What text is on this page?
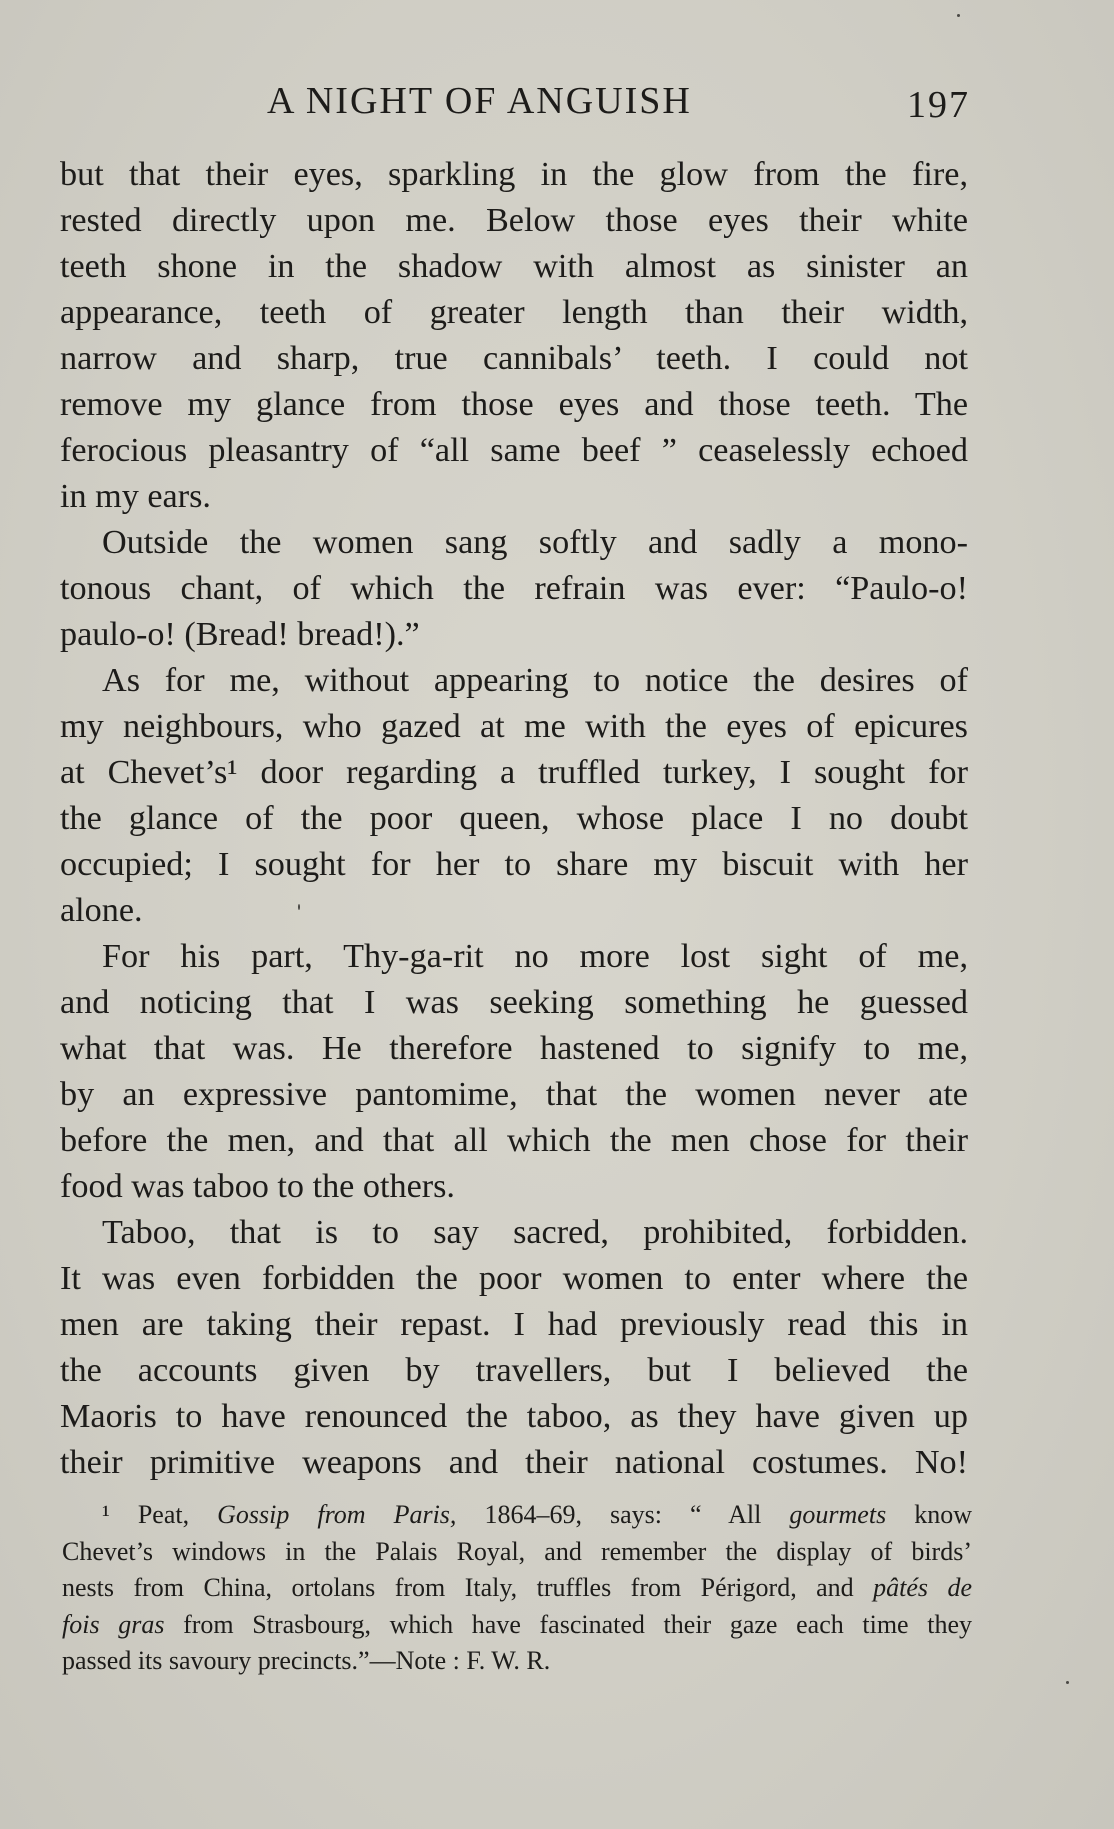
A NIGHT OF ANGUISH	197
but that their eyes, sparkling in the glow from the fire,
rested directly upon me. Below those eyes their white
teeth shone in the shadow with almost as sinister an
appearance, teeth of greater length than their width,
narrow and sharp, true cannibals’ teeth. I could not
remove my glance from those eyes and those teeth. The
ferocious pleasantry of “all same beef ” ceaselessly echoed
in my ears.
Outside the women sang softly and sadly a mono-
tonous chant, of which the refrain was ever: “Paulo-o!
paulo-o! (Bread! bread!).”
As for me, without appearing to notice the desires of
my neighbours, who gazed at me with the eyes of epicures
at Chevet’s¹ door regarding a truffled turkey, I sought for
the glance of the poor queen, whose place I no doubt
occupied; I sought for her to share my biscuit with her
alone.
For his part, Thy-ga-rit no more lost sight of me,
and noticing that I was seeking something he guessed
what that was. He therefore hastened to signify to me,
by an expressive pantomime, that the women never ate
before the men, and that all which the men chose for their
food was taboo to the others.
Taboo, that is to say sacred, prohibited, forbidden.
It was even forbidden the poor women to enter where the
men are taking their repast. I had previously read this in
the accounts given by travellers, but I believed the
Maoris to have renounced the taboo, as they have given up
their primitive weapons and their national costumes. No!
¹ Peat, Gossip from Paris, 1864–69, says: “ All gourmets know
Chevet’s windows in the Palais Royal, and remember the display of birds’
nests from China, ortolans from Italy, truffles from Périgord, and pâtés de
fois gras from Strasbourg, which have fascinated their gaze each time they
passed its savoury precincts.”—Note : F. W. R.
